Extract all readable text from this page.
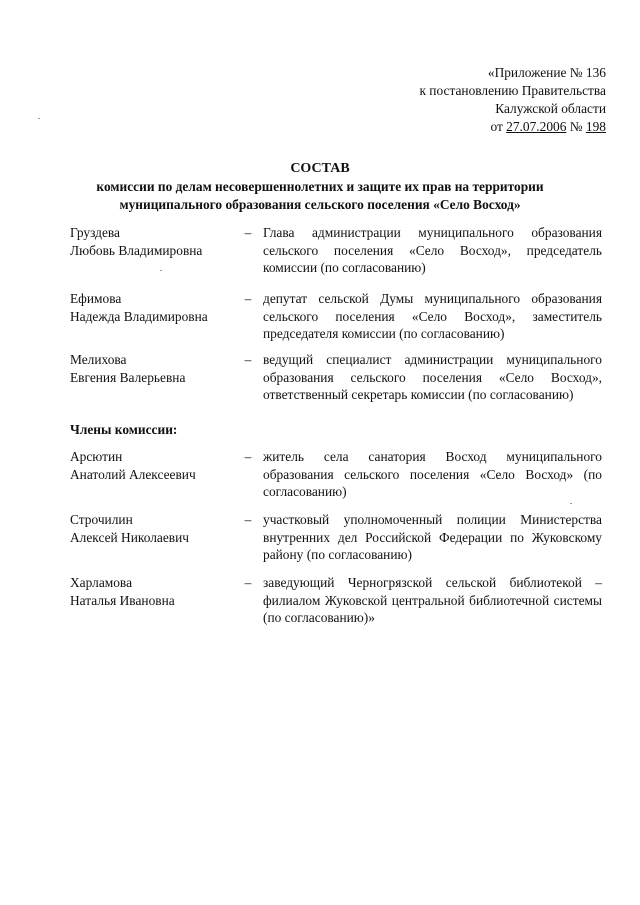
«Приложение № 136
к постановлению Правительства
Калужской области
от 27.07.2006 № 198
СОСТАВ
комиссии по делам несовершеннолетних и защите их прав на территории
муниципального образования сельского поселения «Село Восход»
Груздева
Любовь Владимировна
– Глава администрации муниципального образования сельского поселения «Село Восход», председатель комиссии (по согласованию)
Ефимова
Надежда Владимировна
– депутат сельской Думы муниципального образования сельского поселения «Село Восход», заместитель председателя комиссии (по согласованию)
Мелихова
Евгения Валерьевна
– ведущий специалист администрации муниципального образования сельского поселения «Село Восход», ответственный секретарь комиссии (по согласованию)
Члены комиссии:
Арсютин
Анатолий Алексеевич
– житель села санатория Восход муниципального образования сельского поселения «Село Восход» (по согласованию)
Строчилин
Алексей Николаевич
– участковый уполномоченный полиции Министерства внутренних дел Российской Федерации по Жуковскому району (по согласованию)
Харламова
Наталья Ивановна
– заведующий Черногрязской сельской библиотекой – филиалом Жуковской центральной библиотечной системы (по согласованию)»
